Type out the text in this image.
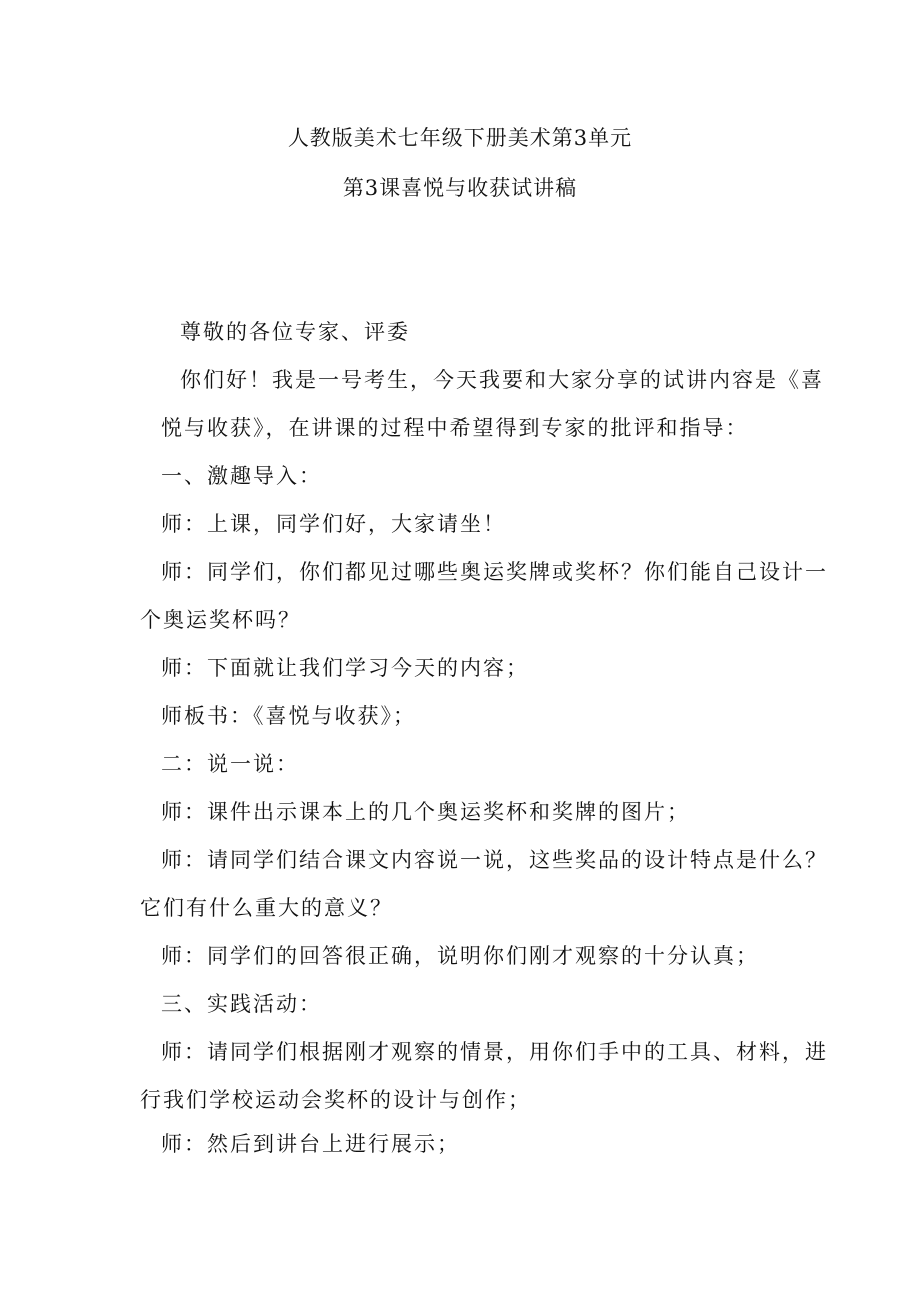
人教版美术七年级下册美术第3单元
第3课喜悦与收获试讲稿
尊敬的各位专家、评委
你们好！我是一号考生，今天我要和大家分享的试讲内容是《喜
悦与收获》，在讲课的过程中希望得到专家的批评和指导：
一、激趣导入：
师：上课，同学们好，大家请坐！
师：同学们，你们都见过哪些奥运奖牌或奖杯？你们能自己设计一
个奥运奖杯吗？
师：下面就让我们学习今天的内容；
师板书：《喜悦与收获》；
二：说一说：
师：课件出示课本上的几个奥运奖杯和奖牌的图片；
师：请同学们结合课文内容说一说，这些奖品的设计特点是什么？
它们有什么重大的意义？
师：同学们的回答很正确，说明你们刚才观察的十分认真；
三、实践活动：
师：请同学们根据刚才观察的情景，用你们手中的工具、材料，进
行我们学校运动会奖杯的设计与创作；
师：然后到讲台上进行展示；
